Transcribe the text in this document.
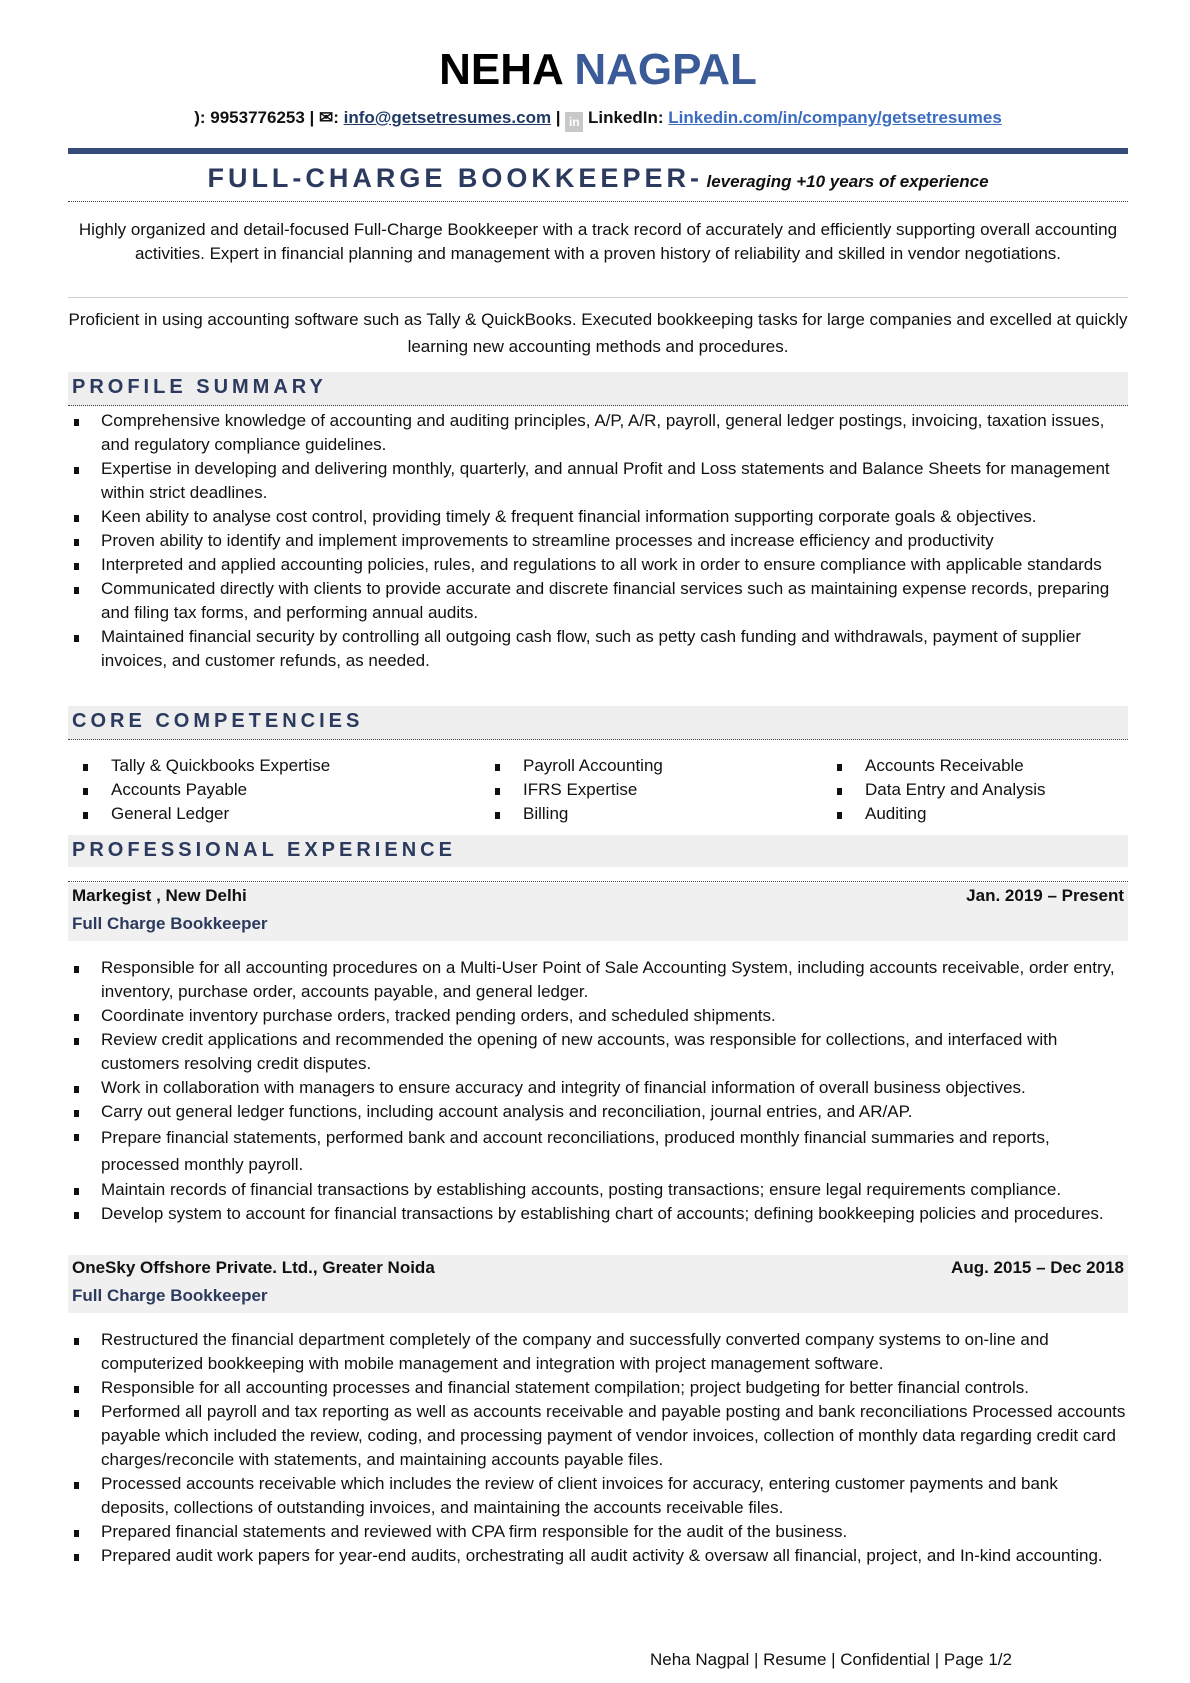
NEHA NAGPAL
): 9953776253 | ✉: info@getsetresumes.com | in LinkedIn: Linkedin.com/in/company/getsetresumes
FULL-CHARGE BOOKKEEPER- leveraging +10 years of experience
Highly organized and detail-focused Full-Charge Bookkeeper with a track record of accurately and efficiently supporting overall accounting activities. Expert in financial planning and management with a proven history of reliability and skilled in vendor negotiations.
Proficient in using accounting software such as Tally & QuickBooks. Executed bookkeeping tasks for large companies and excelled at quickly learning new accounting methods and procedures.
PROFILE SUMMARY
Comprehensive knowledge of accounting and auditing principles, A/P, A/R, payroll, general ledger postings, invoicing, taxation issues, and regulatory compliance guidelines.
Expertise in developing and delivering monthly, quarterly, and annual Profit and Loss statements and Balance Sheets for management within strict deadlines.
Keen ability to analyse cost control, providing timely & frequent financial information supporting corporate goals & objectives.
Proven ability to identify and implement improvements to streamline processes and increase efficiency and productivity
Interpreted and applied accounting policies, rules, and regulations to all work in order to ensure compliance with applicable standards
Communicated directly with clients to provide accurate and discrete financial services such as maintaining expense records, preparing and filing tax forms, and performing annual audits.
Maintained financial security by controlling all outgoing cash flow, such as petty cash funding and withdrawals, payment of supplier invoices, and customer refunds, as needed.
CORE COMPETENCIES
Tally & Quickbooks Expertise
Accounts Payable
General Ledger
Payroll Accounting
IFRS Expertise
Billing
Accounts Receivable
Data Entry and Analysis
Auditing
PROFESSIONAL EXPERIENCE
Markegist , New Delhi	Jan. 2019 – Present
Full Charge Bookkeeper
Responsible for all accounting procedures on a Multi-User Point of Sale Accounting System, including accounts receivable, order entry, inventory, purchase order, accounts payable, and general ledger.
Coordinate inventory purchase orders, tracked pending orders, and scheduled shipments.
Review credit applications and recommended the opening of new accounts, was responsible for collections, and interfaced with customers resolving credit disputes.
Work in collaboration with managers to ensure accuracy and integrity of financial information of overall business objectives.
Carry out general ledger functions, including account analysis and reconciliation, journal entries, and AR/AP.
Prepare financial statements, performed bank and account reconciliations, produced monthly financial summaries and reports, processed monthly payroll.
Maintain records of financial transactions by establishing accounts, posting transactions; ensure legal requirements compliance.
Develop system to account for financial transactions by establishing chart of accounts; defining bookkeeping policies and procedures.
OneSky Offshore Private. Ltd., Greater Noida	Aug. 2015 – Dec 2018
Full Charge Bookkeeper
Restructured the financial department completely of the company and successfully converted company systems to on-line and computerized bookkeeping with mobile management and integration with project management software.
Responsible for all accounting processes and financial statement compilation; project budgeting for better financial controls.
Performed all payroll and tax reporting as well as accounts receivable and payable posting and bank reconciliations Processed accounts payable which included the review, coding, and processing payment of vendor invoices, collection of monthly data regarding credit card charges/reconcile with statements, and maintaining accounts payable files.
Processed accounts receivable which includes the review of client invoices for accuracy, entering customer payments and bank deposits, collections of outstanding invoices, and maintaining the accounts receivable files.
Prepared financial statements and reviewed with CPA firm responsible for the audit of the business.
Prepared audit work papers for year-end audits, orchestrating all audit activity & oversaw all financial, project, and In-kind accounting.
Neha Nagpal | Resume | Confidential | Page 1/2
